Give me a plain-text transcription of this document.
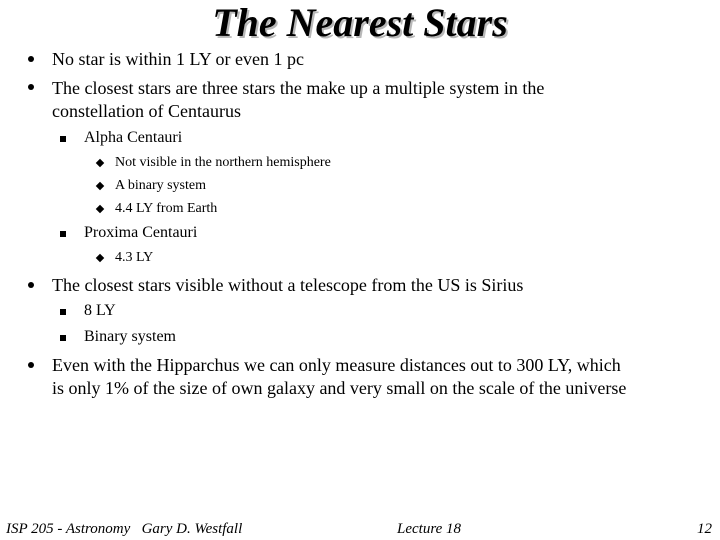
The Nearest Stars
No star is within 1 LY or even 1 pc
The closest stars are three stars the make up a multiple system in the
constellation of Centaurus
Alpha Centauri
Not visible in the northern hemisphere
A binary system
4.4 LY from Earth
Proxima Centauri
4.3 LY
The closest stars visible without a telescope from the US is Sirius
8 LY
Binary system
Even with the Hipparchus we can only measure distances out to 300 LY, which
is only 1% of the size of own galaxy and very small on the scale of the universe
ISP 205 - Astronomy Gary D. Westfall	Lecture 18	12
